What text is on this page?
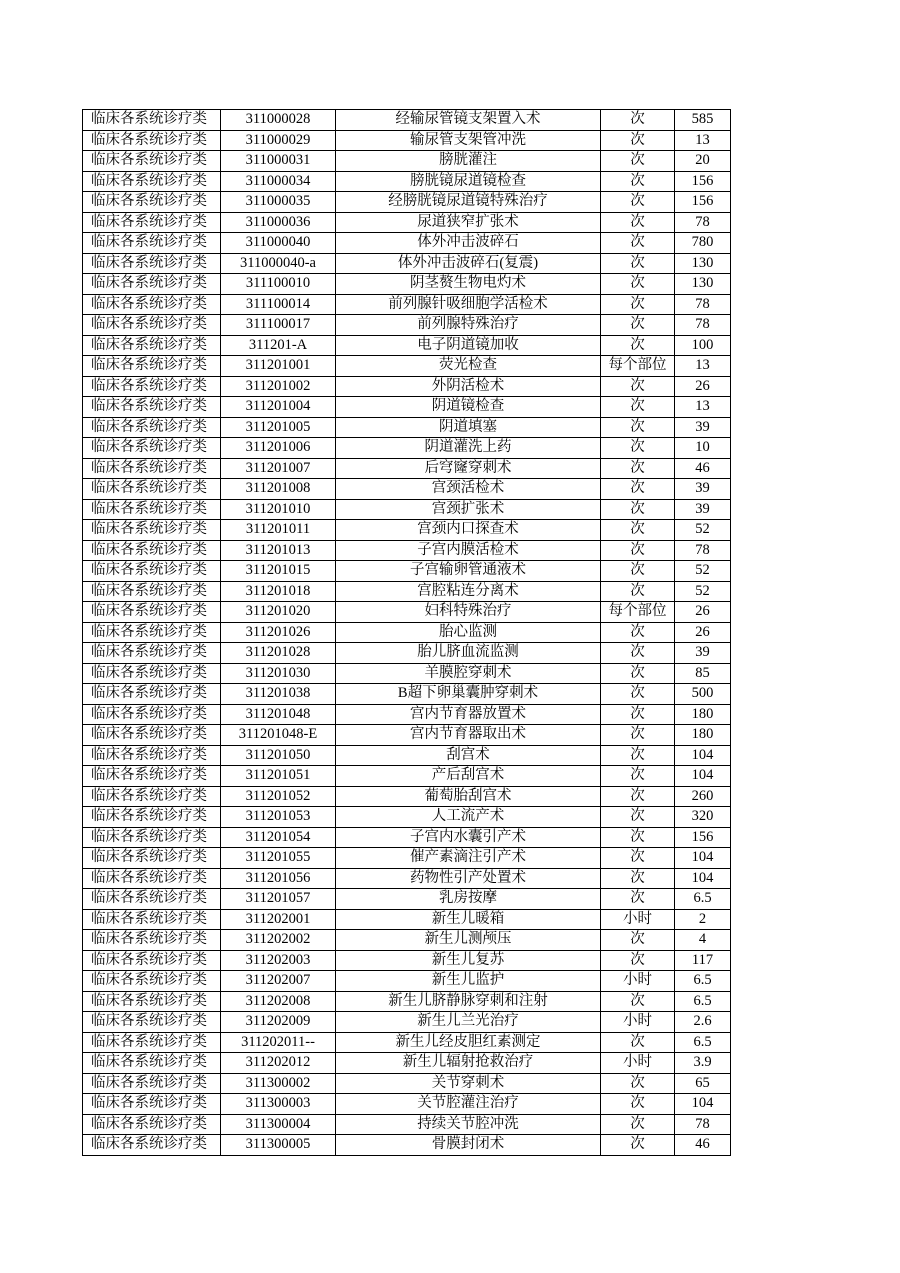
临床各系统诊疗类	311000028	经输尿管镜支架置入术	次	585
临床各系统诊疗类	311000029	输尿管支架管冲洗	次	13
临床各系统诊疗类	311000031	膀胱灌注	次	20
临床各系统诊疗类	311000034	膀胱镜尿道镜检查	次	156
临床各系统诊疗类	311000035	经膀胱镜尿道镜特殊治疗	次	156
临床各系统诊疗类	311000036	尿道狭窄扩张术	次	78
临床各系统诊疗类	311000040	体外冲击波碎石	次	780
临床各系统诊疗类	311000040-a	体外冲击波碎石(复震)	次	130
临床各系统诊疗类	311100010	阴茎赘生物电灼术	次	130
临床各系统诊疗类	311100014	前列腺针吸细胞学活检术	次	78
临床各系统诊疗类	311100017	前列腺特殊治疗	次	78
临床各系统诊疗类	311201-A	电子阴道镜加收	次	100
临床各系统诊疗类	311201001	荧光检查	每个部位	13
临床各系统诊疗类	311201002	外阴活检术	次	26
临床各系统诊疗类	311201004	阴道镜检查	次	13
临床各系统诊疗类	311201005	阴道填塞	次	39
临床各系统诊疗类	311201006	阴道灌洗上药	次	10
临床各系统诊疗类	311201007	后穹窿穿刺术	次	46
临床各系统诊疗类	311201008	宫颈活检术	次	39
临床各系统诊疗类	311201010	宫颈扩张术	次	39
临床各系统诊疗类	311201011	宫颈内口探查术	次	52
临床各系统诊疗类	311201013	子宫内膜活检术	次	78
临床各系统诊疗类	311201015	子宫输卵管通液术	次	52
临床各系统诊疗类	311201018	宫腔粘连分离术	次	52
临床各系统诊疗类	311201020	妇科特殊治疗	每个部位	26
临床各系统诊疗类	311201026	胎心监测	次	26
临床各系统诊疗类	311201028	胎儿脐血流监测	次	39
临床各系统诊疗类	311201030	羊膜腔穿刺术	次	85
临床各系统诊疗类	311201038	B超下卵巢囊肿穿刺术	次	500
临床各系统诊疗类	311201048	宫内节育器放置术	次	180
临床各系统诊疗类	311201048-E	宫内节育器取出术	次	180
临床各系统诊疗类	311201050	刮宫术	次	104
临床各系统诊疗类	311201051	产后刮宫术	次	104
临床各系统诊疗类	311201052	葡萄胎刮宫术	次	260
临床各系统诊疗类	311201053	人工流产术	次	320
临床各系统诊疗类	311201054	子宫内水囊引产术	次	156
临床各系统诊疗类	311201055	催产素滴注引产术	次	104
临床各系统诊疗类	311201056	药物性引产处置术	次	104
临床各系统诊疗类	311201057	乳房按摩	次	6.5
临床各系统诊疗类	311202001	新生儿暖箱	小时	2
临床各系统诊疗类	311202002	新生儿测颅压	次	4
临床各系统诊疗类	311202003	新生儿复苏	次	117
临床各系统诊疗类	311202007	新生儿监护	小时	6.5
临床各系统诊疗类	311202008	新生儿脐静脉穿刺和注射	次	6.5
临床各系统诊疗类	311202009	新生儿兰光治疗	小时	2.6
临床各系统诊疗类	311202011--	新生儿经皮胆红素测定	次	6.5
临床各系统诊疗类	311202012	新生儿辐射抢救治疗	小时	3.9
临床各系统诊疗类	311300002	关节穿刺术	次	65
临床各系统诊疗类	311300003	关节腔灌注治疗	次	104
临床各系统诊疗类	311300004	持续关节腔冲洗	次	78
临床各系统诊疗类	311300005	骨膜封闭术	次	46
